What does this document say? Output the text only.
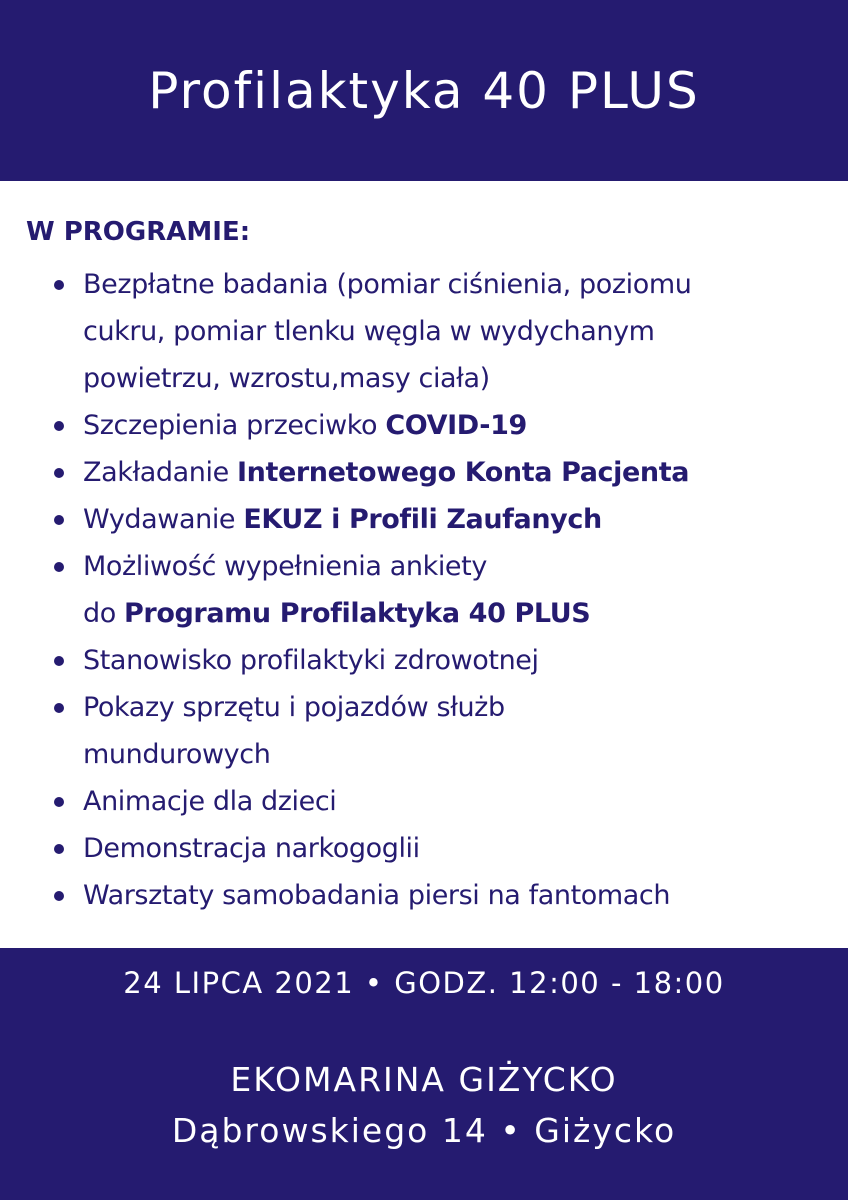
Profilaktyka 40 PLUS
W PROGRAMIE:
Bezpłatne badania (pomiar ciśnienia, poziomu
cukru, pomiar tlenku węgla w wydychanym
powietrzu, wzrostu,masy ciała)
Szczepienia przeciwko COVID-19
Zakładanie Internetowego Konta Pacjenta
Wydawanie EKUZ i Profili Zaufanych
Możliwość wypełnienia ankiety
do Programu Profilaktyka 40 PLUS
Stanowisko profilaktyki zdrowotnej
Pokazy sprzętu i pojazdów służb
mundurowych
Animacje dla dzieci
Demonstracja narkogoglii
Warsztaty samobadania piersi na fantomach
24 LIPCA 2021 • GODZ. 12:00 - 18:00
EKOMARINA GIŻYCKO
Dąbrowskiego 14 • Giżycko
